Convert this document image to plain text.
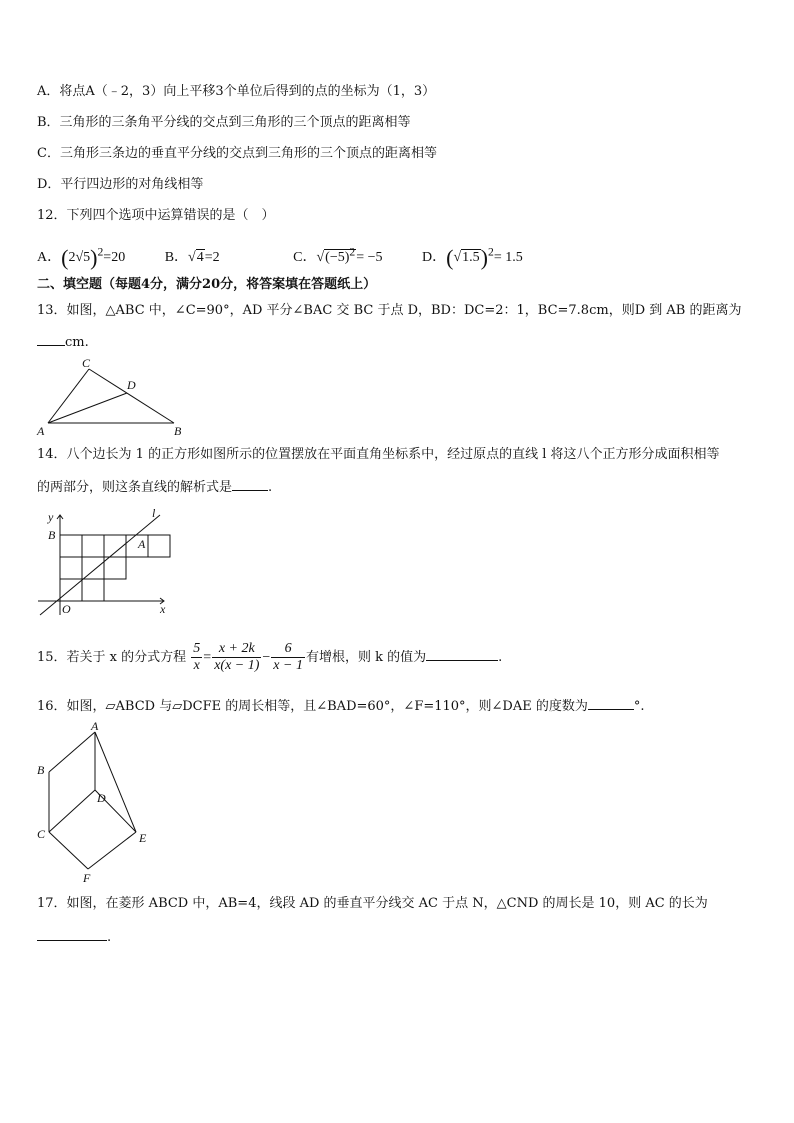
A．将点A（﹣2，3）向上平移3个单位后得到的点的坐标为（1，3）
B．三角形的三条角平分线的交点到三角形的三个顶点的距离相等
C．三角形三条边的垂直平分线的交点到三角形的三个顶点的距离相等
D．平行四边形的对角线相等
12．下列四个选项中运算错误的是（　）
A．$(2√5)^2=20$	B．√4=2	C．$√(-5)^2= -5$	D．$(√1.5)^2= 1.5$
二、填空题（每题4分，满分20分，将答案填在答题纸上）
13．如图，△ABC 中，∠C=90°，AD 平分∠BAC 交 BC 于点 D，BD：DC=2：1，BC=7.8cm，则D 到 AB 的距离为
cm.
C
D
A	B
14．八个边长为 1 的正方形如图所示的位置摆放在平面直角坐标系中，经过原点的直线 l 将这八个正方形分成面积相等
的两部分，则这条直线的解析式是	.
y
B
A
l
O	x
15．若关于 x 的分式方程 $\frac{5}{x} = \frac{x + 2k}{x(x - 1)} - \frac{6}{x - 1}$ 有增根，则 k 的值为	.
16．如图，▱ABCD 与▱DCFE 的周长相等，且∠BAD=60°，∠F=110°，则∠DAE 的度数为	°.
A
B
D
C	E
F
17．如图，在菱形 ABCD 中，AB=4，线段 AD 的垂直平分线交 AC 于点 N，△CND 的周长是 10，则 AC 的长为
.
